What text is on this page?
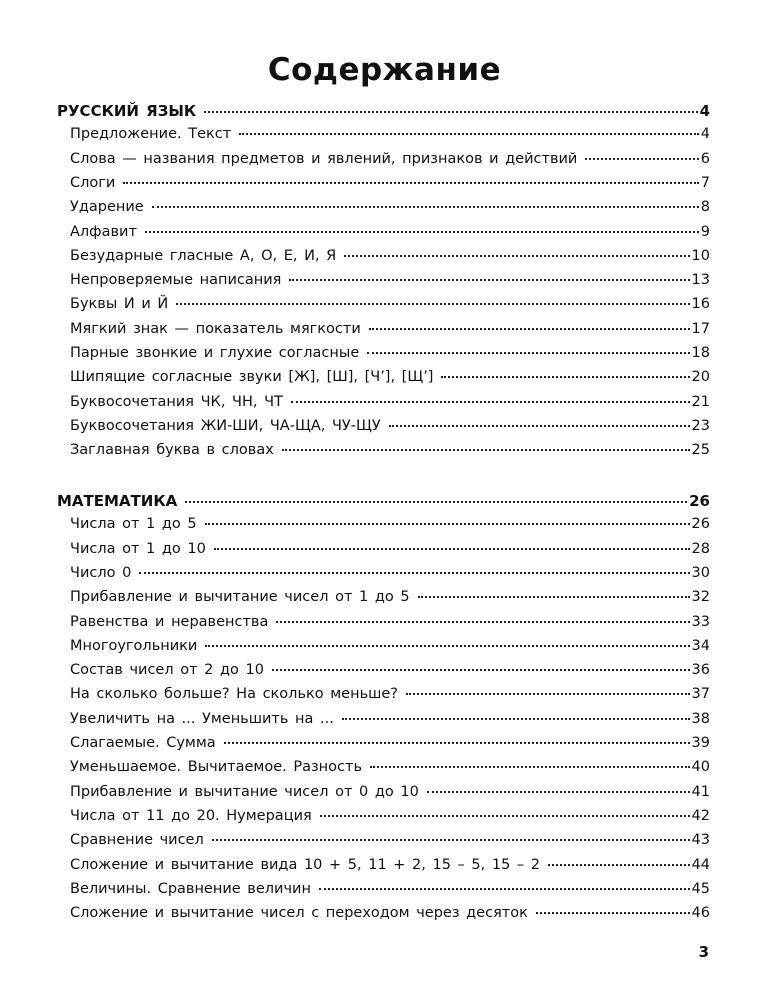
Содержание
РУССКИЙ ЯЗЫК	4
Предложение. Текст	4
Слова — названия предметов и явлений, признаков и действий	6
Слоги	7
Ударение	8
Алфавит	9
Безударные гласные А, О, Е, И, Я	10
Непроверяемые написания	13
Буквы И и Й	16
Мягкий знак — показатель мягкости	17
Парные звонкие и глухие согласные	18
Шипящие согласные звуки [Ж], [Ш], [Ч’], [Щ’]	20
Буквосочетания ЧК, ЧН, ЧТ	21
Буквосочетания ЖИ-ШИ, ЧА-ЩА, ЧУ-ЩУ	23
Заглавная буква в словах	25
МАТЕМАТИКА	26
Числа от 1 до 5	26
Числа от 1 до 10	28
Число 0	30
Прибавление и вычитание чисел от 1 до 5	32
Равенства и неравенства	33
Многоугольники	34
Состав чисел от 2 до 10	36
На сколько больше? На сколько меньше?	37
Увеличить на ... Уменьшить на ...	38
Слагаемые. Сумма	39
Уменьшаемое. Вычитаемое. Разность	40
Прибавление и вычитание чисел от 0 до 10	41
Числа от 11 до 20. Нумерация	42
Сравнение чисел	43
Сложение и вычитание вида 10 + 5, 11 + 2, 15 – 5, 15 – 2	44
Величины. Сравнение величин	45
Сложение и вычитание чисел с переходом через десяток	46
3
